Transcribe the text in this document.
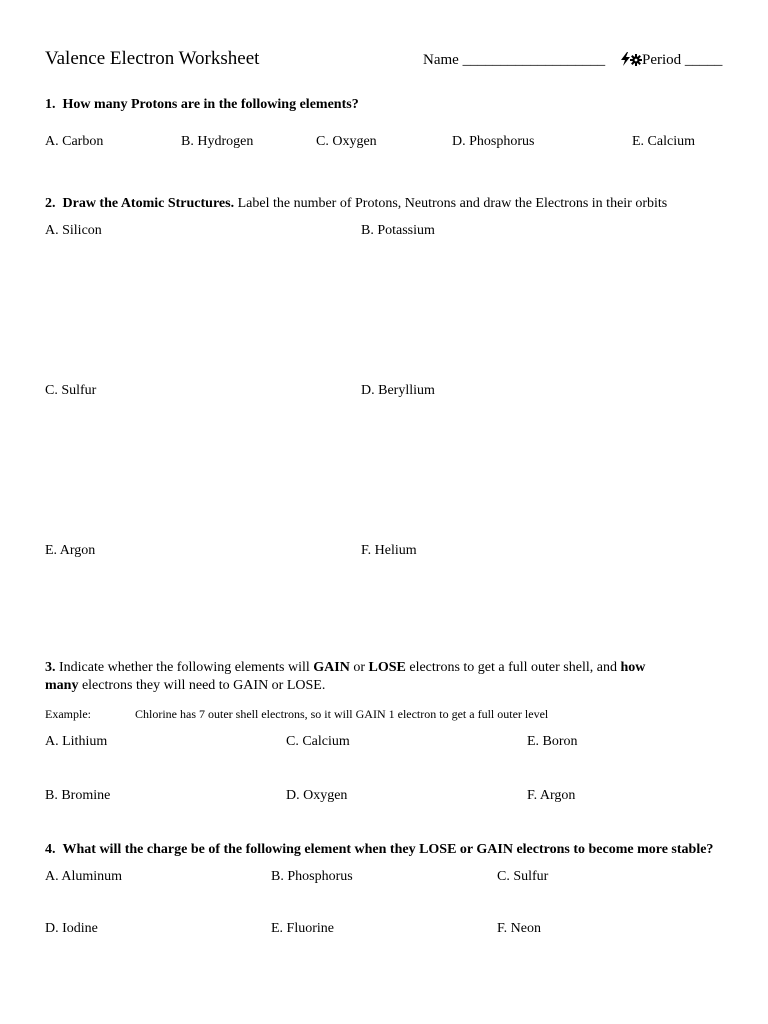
Valence Electron Worksheet	Name ___________________	Period _____
1. How many Protons are in the following elements?
A. Carbon	B. Hydrogen	C. Oxygen	D. Phosphorus	E. Calcium
2. Draw the Atomic Structures. Label the number of Protons, Neutrons and draw the Electrons in their orbits
A. Silicon	B. Potassium
C. Sulfur	D. Beryllium
E. Argon	F. Helium
3. Indicate whether the following elements will GAIN or LOSE electrons to get a full outer shell, and how
many electrons they will need to GAIN or LOSE.
Example:	Chlorine has 7 outer shell electrons, so it will GAIN 1 electron to get a full outer level
A. Lithium	C. Calcium	E. Boron
B. Bromine	D. Oxygen	F. Argon
4. What will the charge be of the following element when they LOSE or GAIN electrons to become more stable?
A. Aluminum	B. Phosphorus	C. Sulfur
D. Iodine	E. Fluorine	F. Neon
